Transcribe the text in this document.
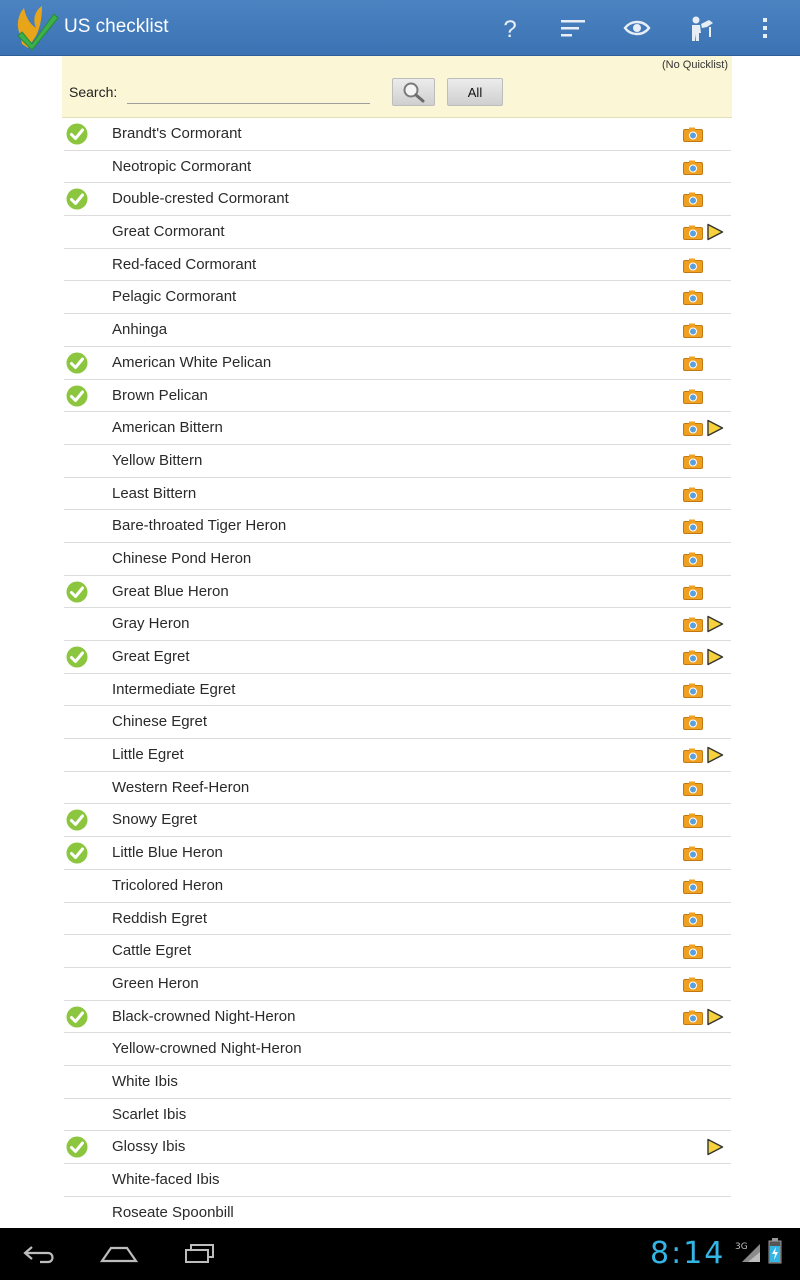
US checklist	?
(No Quicklist)
Search:	All
Brandt's Cormorant
Neotropic Cormorant
Double-crested Cormorant
Great Cormorant
Red-faced Cormorant
Pelagic Cormorant
Anhinga
American White Pelican
Brown Pelican
American Bittern
Yellow Bittern
Least Bittern
Bare-throated Tiger Heron
Chinese Pond Heron
Great Blue Heron
Gray Heron
Great Egret
Intermediate Egret
Chinese Egret
Little Egret
Western Reef-Heron
Snowy Egret
Little Blue Heron
Tricolored Heron
Reddish Egret
Cattle Egret
Green Heron
Black-crowned Night-Heron
Yellow-crowned Night-Heron
White Ibis
Scarlet Ibis
Glossy Ibis
White-faced Ibis
Roseate Spoonbill
8:14 3G
